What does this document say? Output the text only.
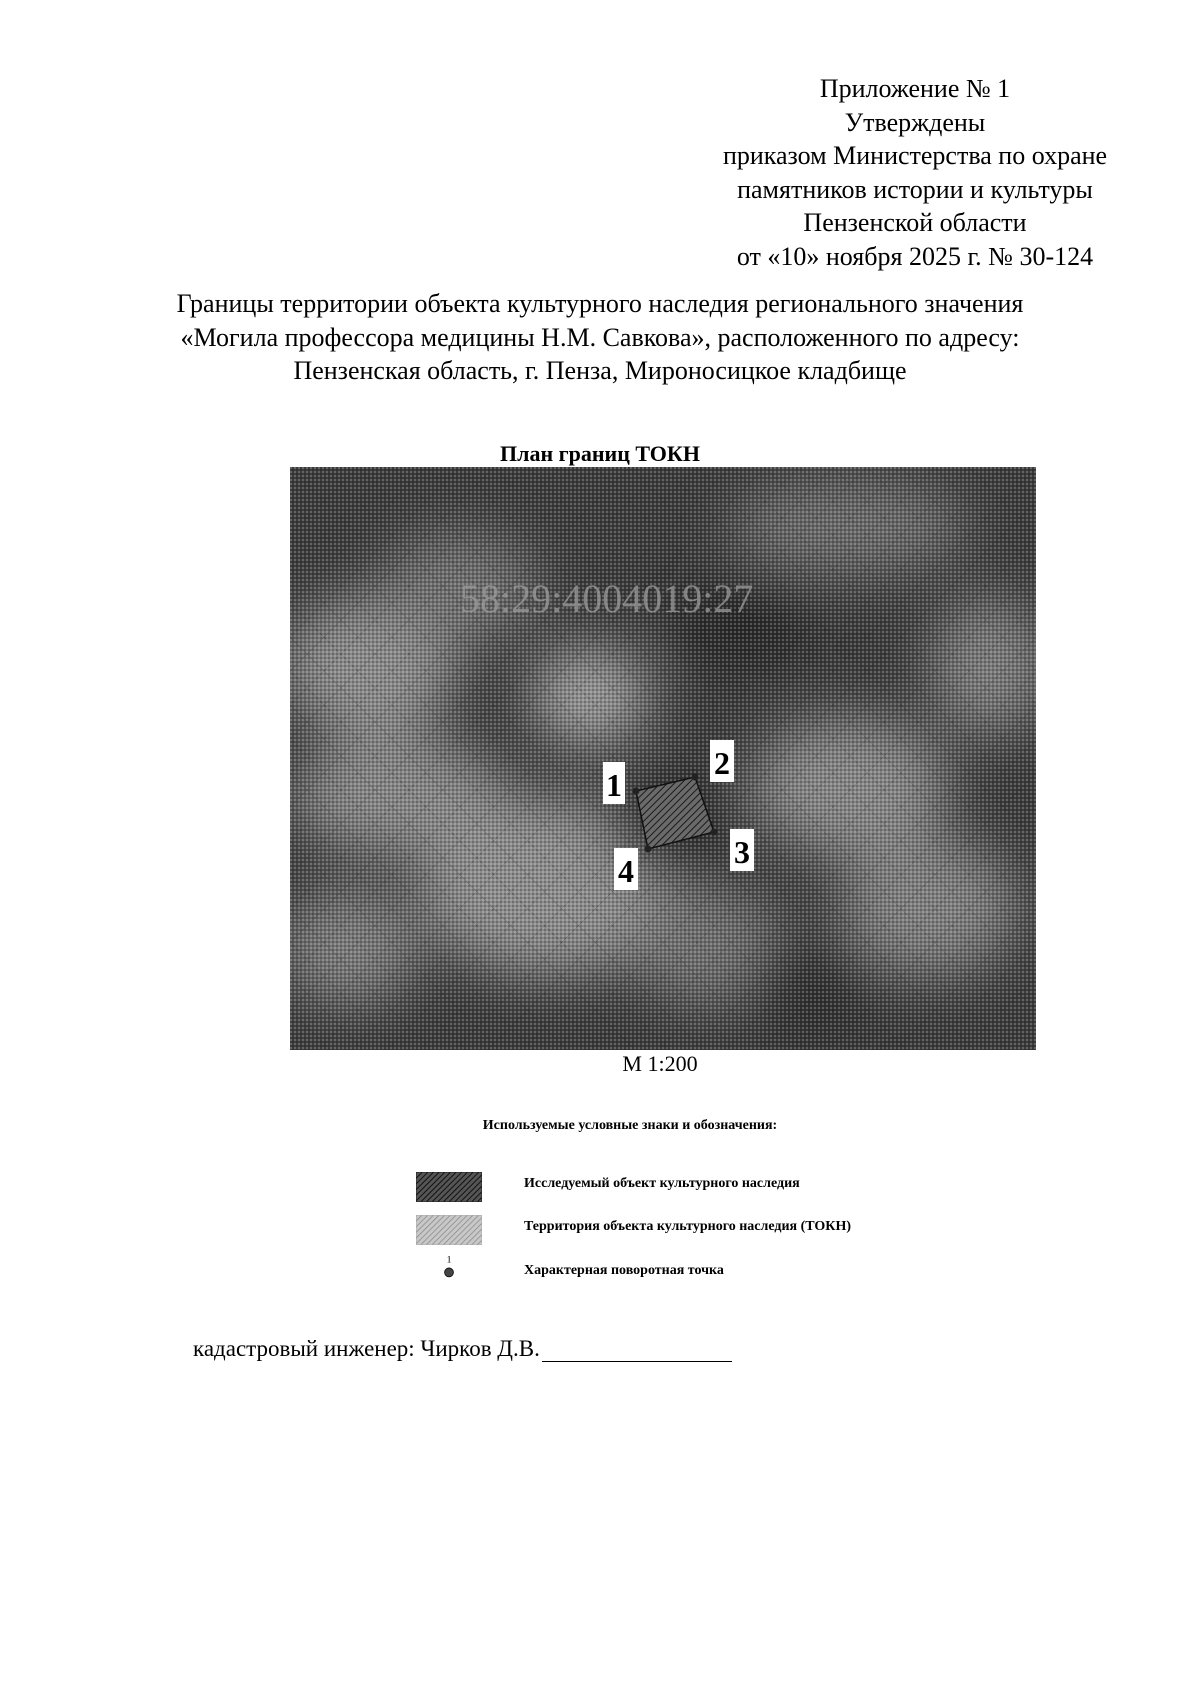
Приложение № 1
Утверждены
приказом Министерства по охране
памятников истории и культуры
Пензенской области
от «10» ноября 2025 г. № 30-124
Границы территории объекта культурного наследия регионального значения
«Могила профессора медицины Н.М. Савкова», расположенного по адресу:
Пензенская область, г. Пенза, Мироносицкое кладбище
План границ ТОКН
58:29:4004019:27
1
2
3
4
М 1:200
Используемые условные знаки и обозначения:
Исследуемый объект культурного наследия
Территория объекта культурного наследия (ТОКН)
1
Характерная поворотная точка
кадастровый инженер: Чирков Д.В.
